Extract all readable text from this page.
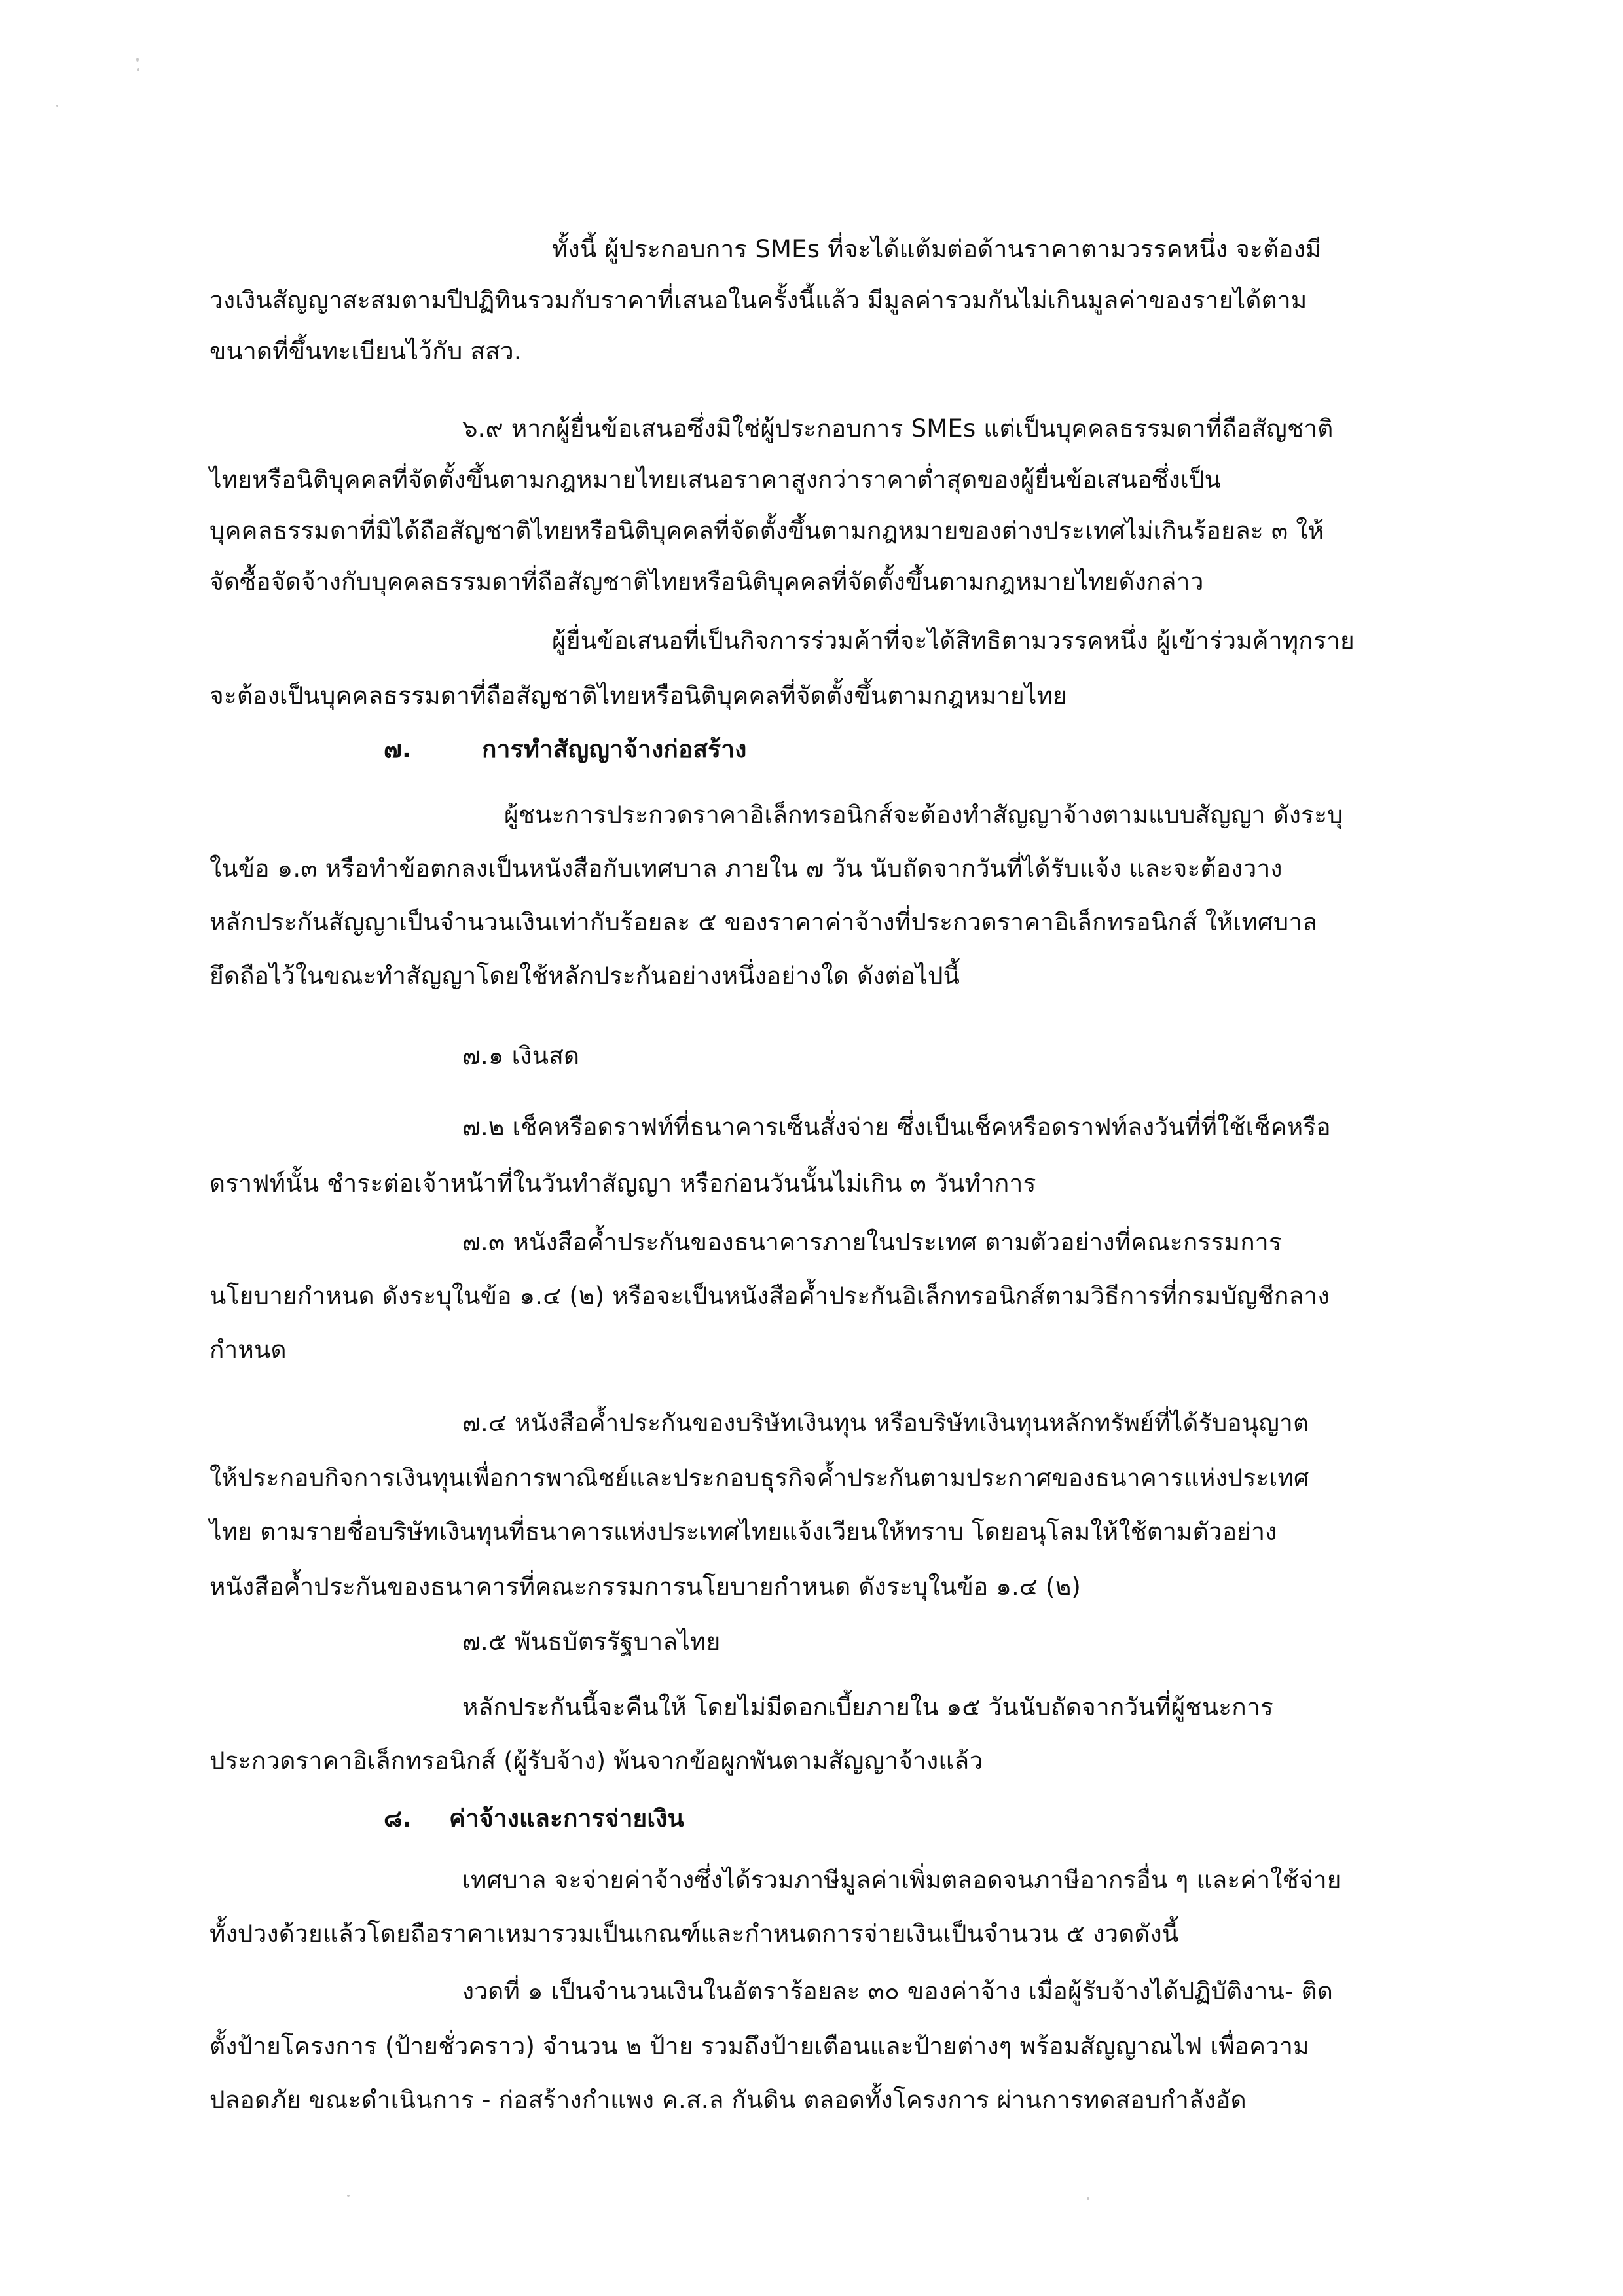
ทั้งนี้ ผู้ประกอบการ SMEs ที่จะได้แต้มต่อด้านราคาตามวรรคหนึ่ง จะต้องมี
วงเงินสัญญาสะสมตามปีปฏิทินรวมกับราคาที่เสนอในครั้งนี้แล้ว มีมูลค่ารวมกันไม่เกินมูลค่าของรายได้ตาม
ขนาดที่ขึ้นทะเบียนไว้กับ สสว.
๖.๙ หากผู้ยื่นข้อเสนอซึ่งมิใช่ผู้ประกอบการ SMEs แต่เป็นบุคคลธรรมดาที่ถือสัญชาติ
ไทยหรือนิติบุคคลที่จัดตั้งขึ้นตามกฎหมายไทยเสนอราคาสูงกว่าราคาต่ำสุดของผู้ยื่นข้อเสนอซึ่งเป็น
บุคคลธรรมดาที่มิได้ถือสัญชาติไทยหรือนิติบุคคลที่จัดตั้งขึ้นตามกฎหมายของต่างประเทศไม่เกินร้อยละ ๓ ให้
จัดซื้อจัดจ้างกับบุคคลธรรมดาที่ถือสัญชาติไทยหรือนิติบุคคลที่จัดตั้งขึ้นตามกฎหมายไทยดังกล่าว
ผู้ยื่นข้อเสนอที่เป็นกิจการร่วมค้าที่จะได้สิทธิตามวรรคหนึ่ง ผู้เข้าร่วมค้าทุกราย
จะต้องเป็นบุคคลธรรมดาที่ถือสัญชาติไทยหรือนิติบุคคลที่จัดตั้งขึ้นตามกฎหมายไทย
๗.	การทำสัญญาจ้างก่อสร้าง
ผู้ชนะการประกวดราคาอิเล็กทรอนิกส์จะต้องทำสัญญาจ้างตามแบบสัญญา ดังระบุ
ในข้อ ๑.๓ หรือทำข้อตกลงเป็นหนังสือกับเทศบาล ภายใน ๗ วัน นับถัดจากวันที่ได้รับแจ้ง และจะต้องวาง
หลักประกันสัญญาเป็นจำนวนเงินเท่ากับร้อยละ ๕ ของราคาค่าจ้างที่ประกวดราคาอิเล็กทรอนิกส์ ให้เทศบาล
ยึดถือไว้ในขณะทำสัญญาโดยใช้หลักประกันอย่างหนึ่งอย่างใด ดังต่อไปนี้
๗.๑ เงินสด
๗.๒ เช็คหรือดราฟท์ที่ธนาคารเซ็นสั่งจ่าย ซึ่งเป็นเช็คหรือดราฟท์ลงวันที่ที่ใช้เช็คหรือ
ดราฟท์นั้น ชำระต่อเจ้าหน้าที่ในวันทำสัญญา หรือก่อนวันนั้นไม่เกิน ๓ วันทำการ
๗.๓ หนังสือค้ำประกันของธนาคารภายในประเทศ ตามตัวอย่างที่คณะกรรมการ
นโยบายกำหนด ดังระบุในข้อ ๑.๔ (๒) หรือจะเป็นหนังสือค้ำประกันอิเล็กทรอนิกส์ตามวิธีการที่กรมบัญชีกลาง
กำหนด
๗.๔ หนังสือค้ำประกันของบริษัทเงินทุน หรือบริษัทเงินทุนหลักทรัพย์ที่ได้รับอนุญาต
ให้ประกอบกิจการเงินทุนเพื่อการพาณิชย์และประกอบธุรกิจค้ำประกันตามประกาศของธนาคารแห่งประเทศ
ไทย ตามรายชื่อบริษัทเงินทุนที่ธนาคารแห่งประเทศไทยแจ้งเวียนให้ทราบ โดยอนุโลมให้ใช้ตามตัวอย่าง
หนังสือค้ำประกันของธนาคารที่คณะกรรมการนโยบายกำหนด ดังระบุในข้อ ๑.๔ (๒)
๗.๕ พันธบัตรรัฐบาลไทย
หลักประกันนี้จะคืนให้ โดยไม่มีดอกเบี้ยภายใน ๑๕ วันนับถัดจากวันที่ผู้ชนะการ
ประกวดราคาอิเล็กทรอนิกส์ (ผู้รับจ้าง) พ้นจากข้อผูกพันตามสัญญาจ้างแล้ว
๘. ค่าจ้างและการจ่ายเงิน
เทศบาล จะจ่ายค่าจ้างซึ่งได้รวมภาษีมูลค่าเพิ่มตลอดจนภาษีอากรอื่น ๆ และค่าใช้จ่าย
ทั้งปวงด้วยแล้วโดยถือราคาเหมารวมเป็นเกณฑ์และกำหนดการจ่ายเงินเป็นจำนวน ๕ งวดดังนี้
งวดที่ ๑ เป็นจำนวนเงินในอัตราร้อยละ ๓๐ ของค่าจ้าง เมื่อผู้รับจ้างได้ปฏิบัติงาน- ติด
ตั้งป้ายโครงการ (ป้ายชั่วคราว) จำนวน ๒ ป้าย รวมถึงป้ายเตือนและป้ายต่างๆ พร้อมสัญญาณไฟ เพื่อความ
ปลอดภัย ขณะดำเนินการ - ก่อสร้างกำแพง ค.ส.ล กันดิน ตลอดทั้งโครงการ ผ่านการทดสอบกำลังอัด
